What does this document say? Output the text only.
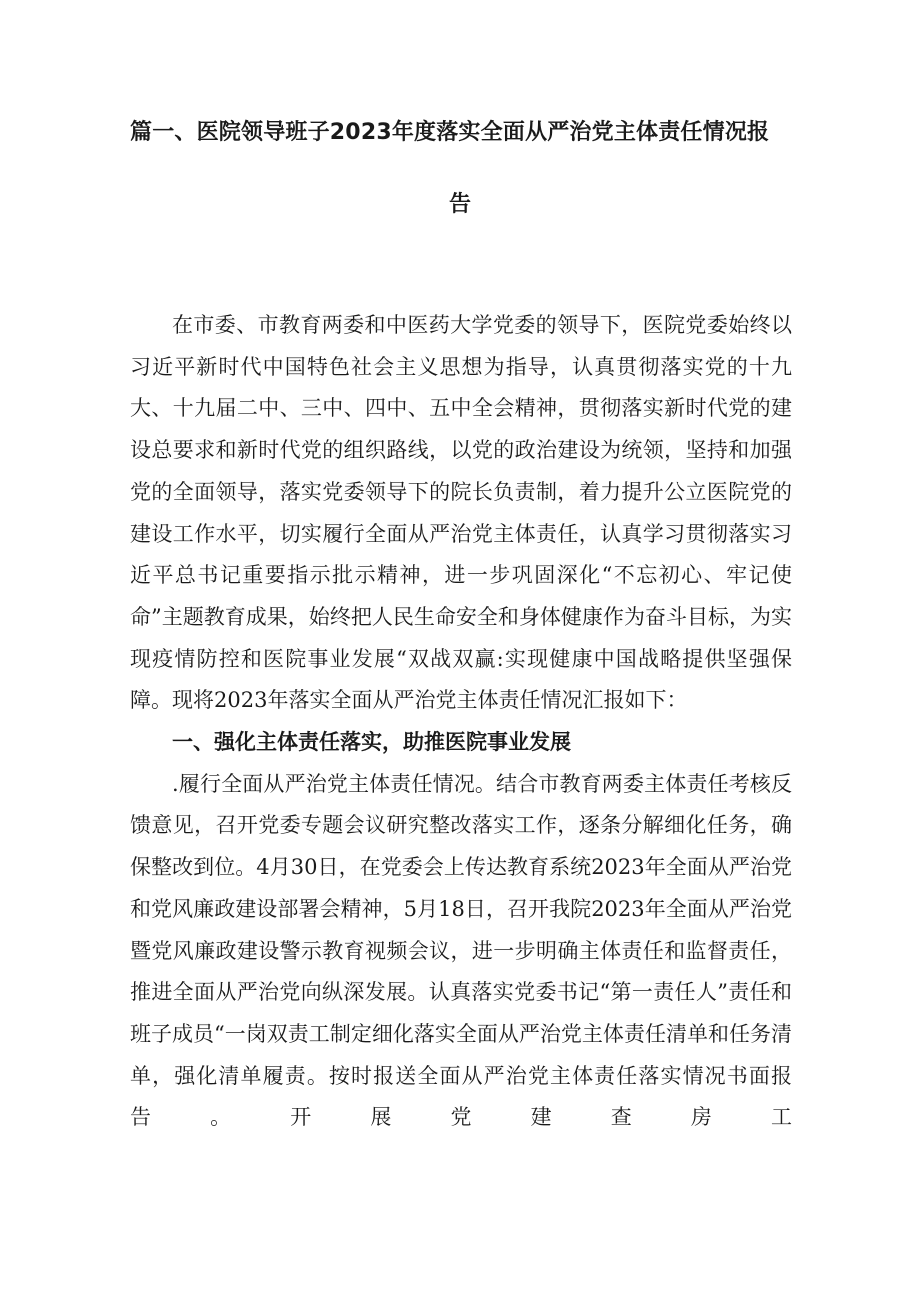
篇一、医院领导班子2023年度落实全面从严治党主体责任情况报
告

在市委、市教育两委和中医药大学党委的领导下，医院党委始终以习近平新时代中国特色社会主义思想为指导，认真贯彻落实党的十九大、十九届二中、三中、四中、五中全会精神，贯彻落实新时代党的建设总要求和新时代党的组织路线，以党的政治建设为统领，坚持和加强党的全面领导，落实党委领导下的院长负责制，着力提升公立医院党的建设工作水平，切实履行全面从严治党主体责任，认真学习贯彻落实习近平总书记重要指示批示精神，进一步巩固深化“不忘初心、牢记使命”主题教育成果，始终把人民生命安全和身体健康作为奋斗目标，为实现疫情防控和医院事业发展“双战双赢:实现健康中国战略提供坚强保障。现将2023年落实全面从严治党主体责任情况汇报如下：

一、强化主体责任落实，助推医院事业发展

.履行全面从严治党主体责任情况。结合市教育两委主体责任考核反馈意见，召开党委专题会议研究整改落实工作，逐条分解细化任务，确保整改到位。4月30日，在党委会上传达教育系统2023年全面从严治党和党风廉政建设部署会精神，5月18日，召开我院2023年全面从严治党暨党风廉政建设警示教育视频会议，进一步明确主体责任和监督责任，推进全面从严治党向纵深发展。认真落实党委书记“第一责任人”责任和班子成员“一岗双责工制定细化落实全面从严治党主体责任清单和任务清单，强化清单履责。按时报送全面从严治党主体责任落实情况书面报告。开展党建查房工
